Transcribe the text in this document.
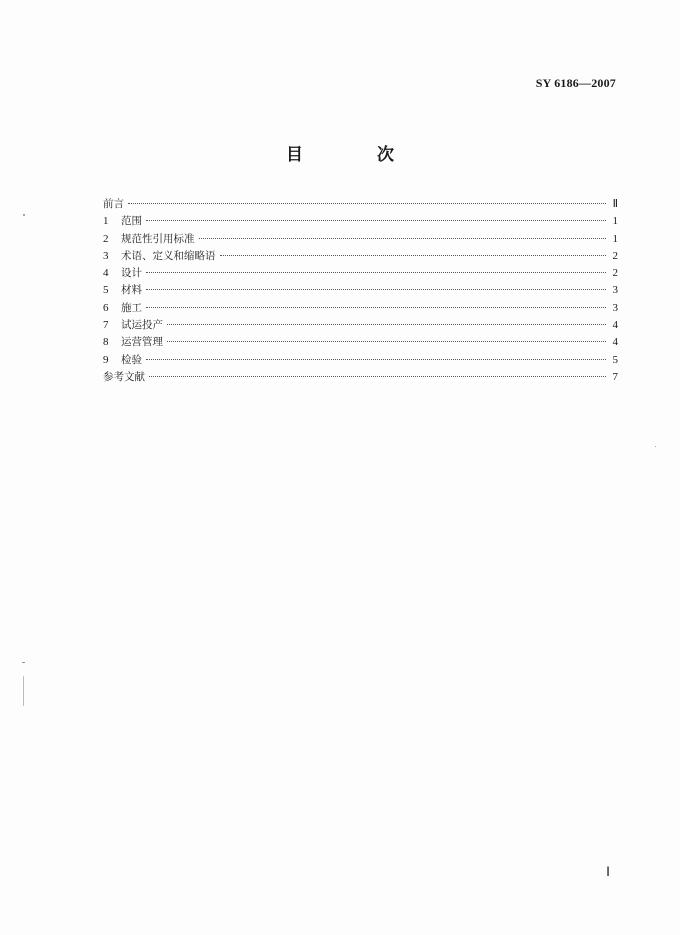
SY 6186—2007
目 次
前言	Ⅱ
1	范围	1
2	规范性引用标准	1
3	术语、定义和缩略语	2
4	设计	2
5	材料	3
6	施工	3
7	试运投产	4
8	运营管理	4
9	检验	5
参考文献	7
Ⅰ
